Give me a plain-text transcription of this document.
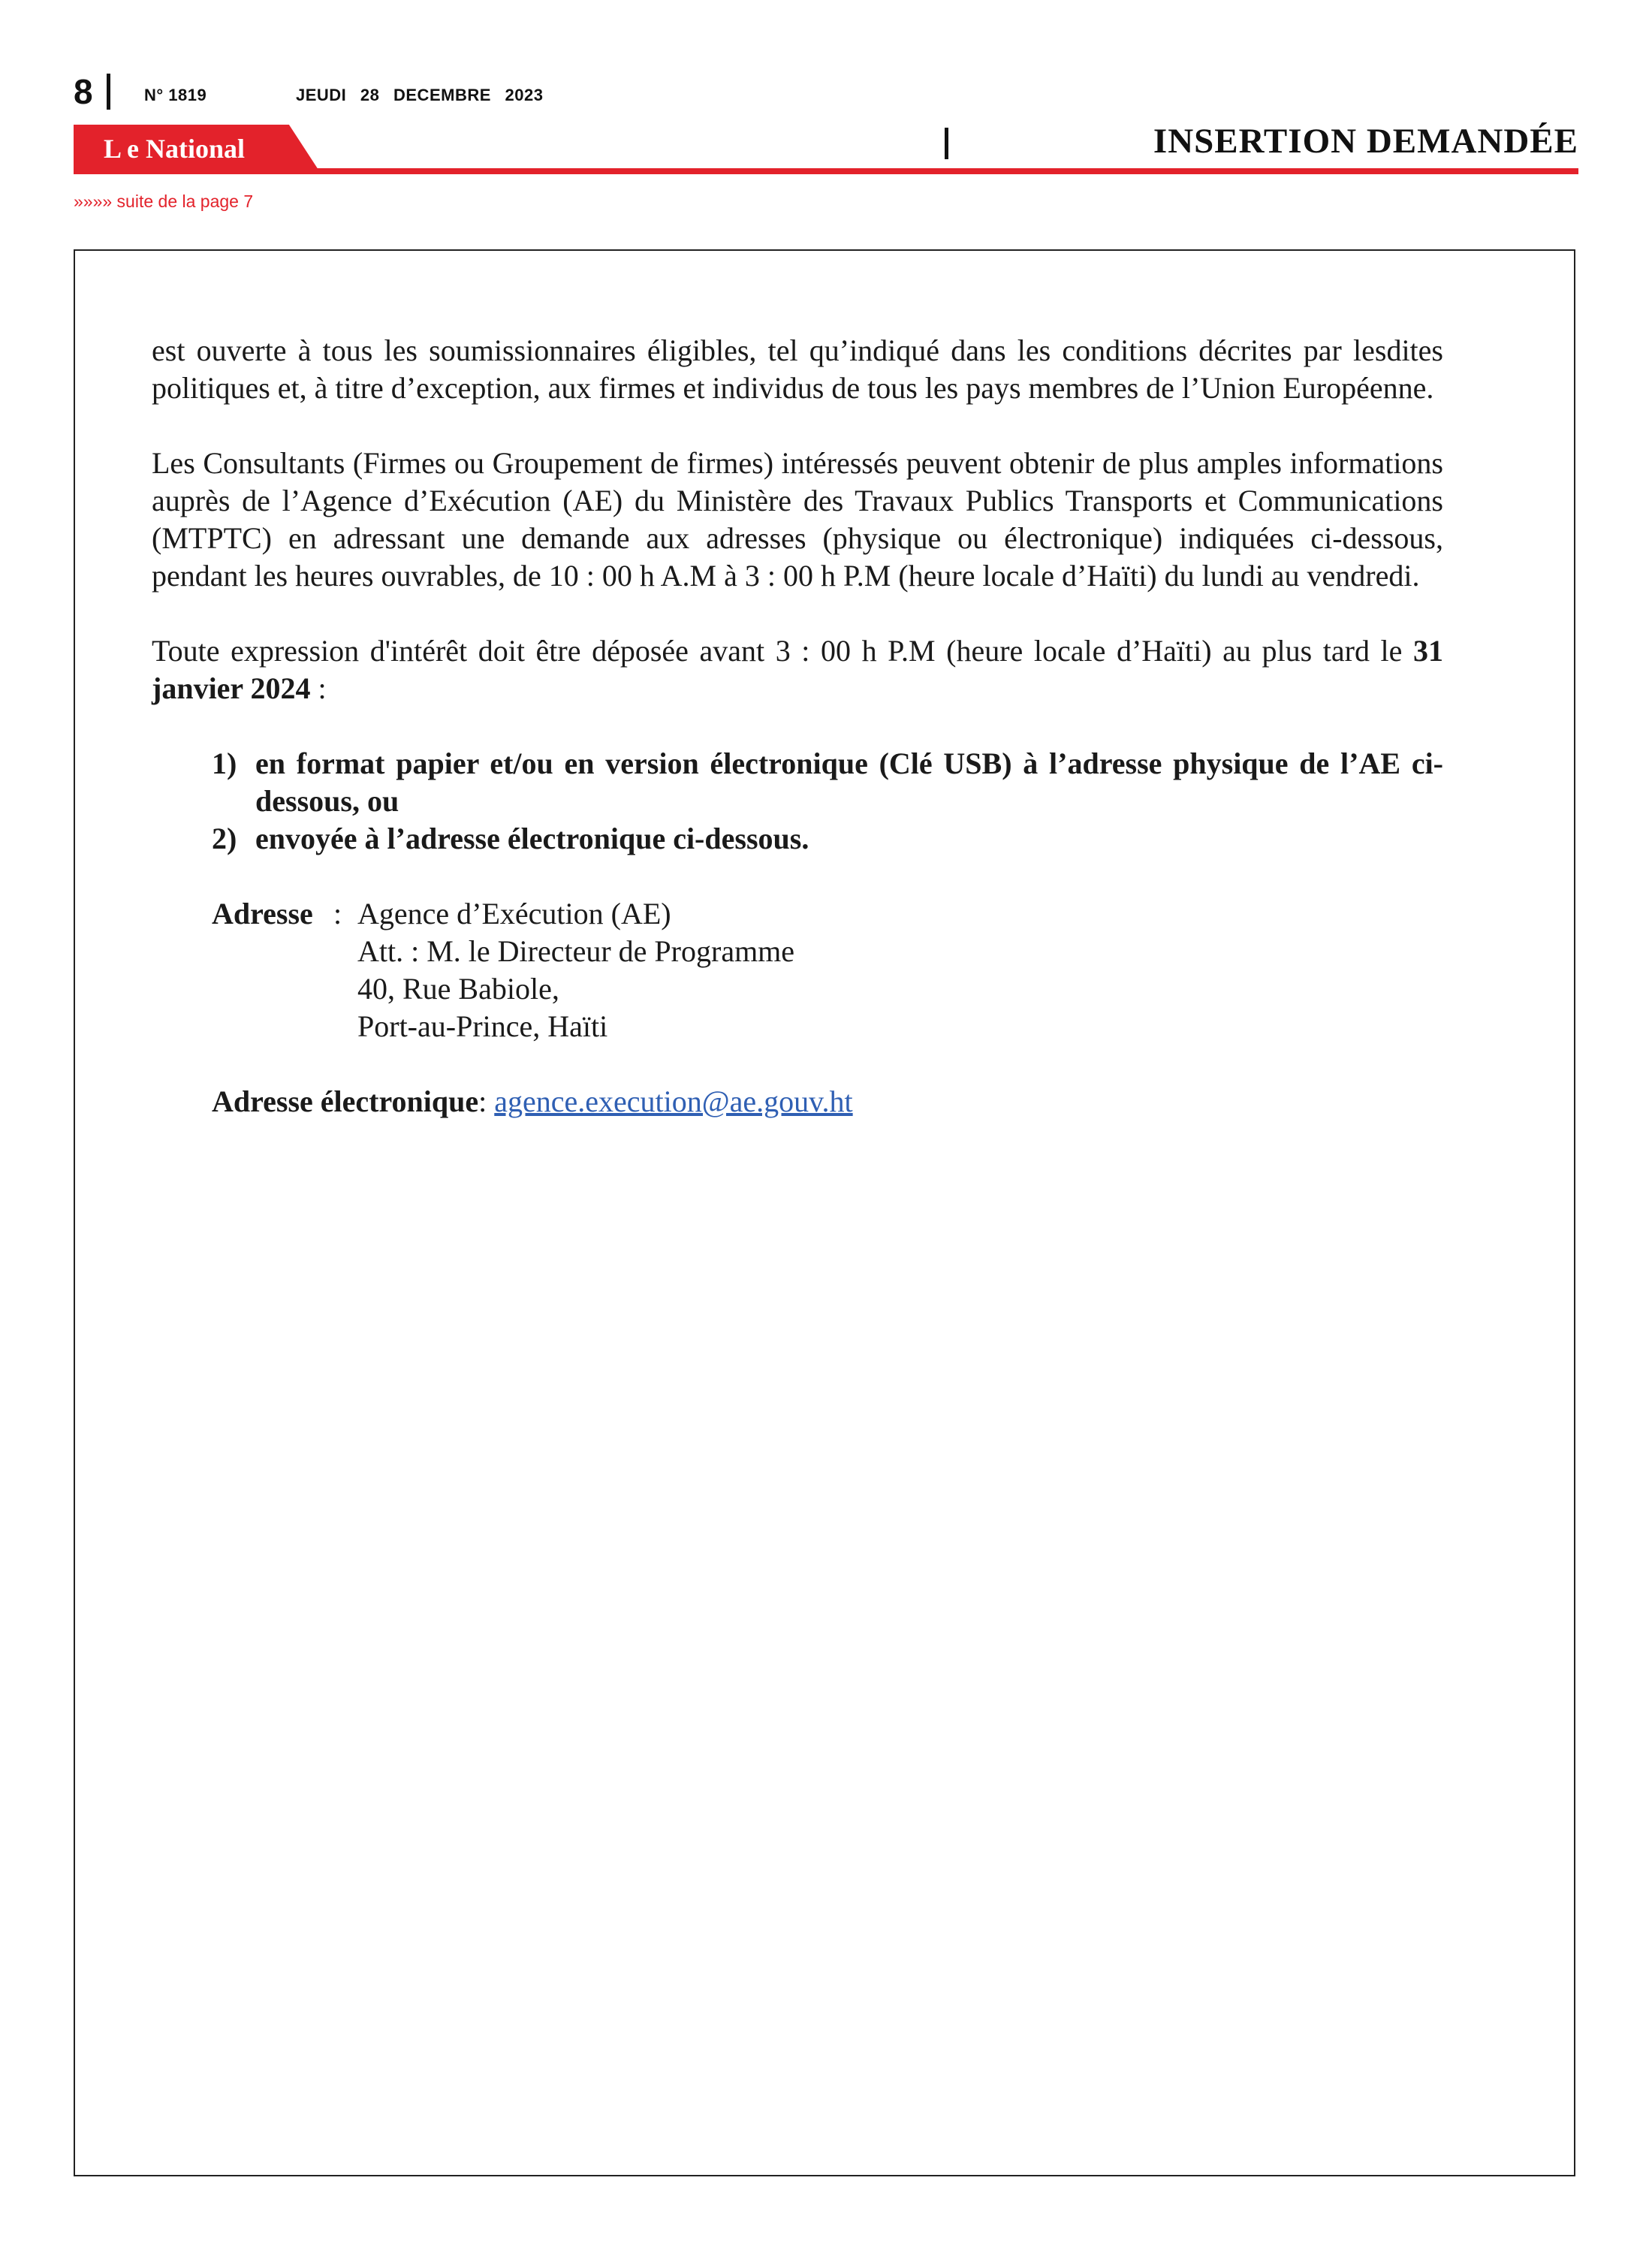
8	N° 1819	JEUDI 28 DECEMBRE 2023
L e National	INSERTION DEMANDÉE
»»»» suite de la page 7

est ouverte à tous les soumissionnaires éligibles, tel qu’indiqué dans les conditions décrites par lesdites politiques et, à titre d’exception, aux firmes et individus de tous les pays membres de l’Union Européenne.

Les Consultants (Firmes ou Groupement de firmes) intéressés peuvent obtenir de plus amples informations auprès de l’Agence d’Exécution (AE) du Ministère des Travaux Publics Transports et Communications (MTPTC) en adressant une demande aux adresses (physique ou électronique) indiquées ci-dessous, pendant les heures ouvrables, de 10 : 00 h A.M à 3 : 00 h P.M (heure locale d’Haïti) du lundi au vendredi.

Toute expression d'intérêt doit être déposée avant 3 : 00 h P.M (heure locale d’Haïti) au plus tard le 31 janvier 2024 :

1) en format papier et/ou en version électronique (Clé USB) à l’adresse physique de l’AE ci-dessous, ou
2) envoyée à l’adresse électronique ci-dessous.
Adresse : Agence d’Exécution (AE)
Att. : M. le Directeur de Programme
40, Rue Babiole,
Port-au-Prince, Haïti
Adresse électronique: agence.execution@ae.gouv.ht
